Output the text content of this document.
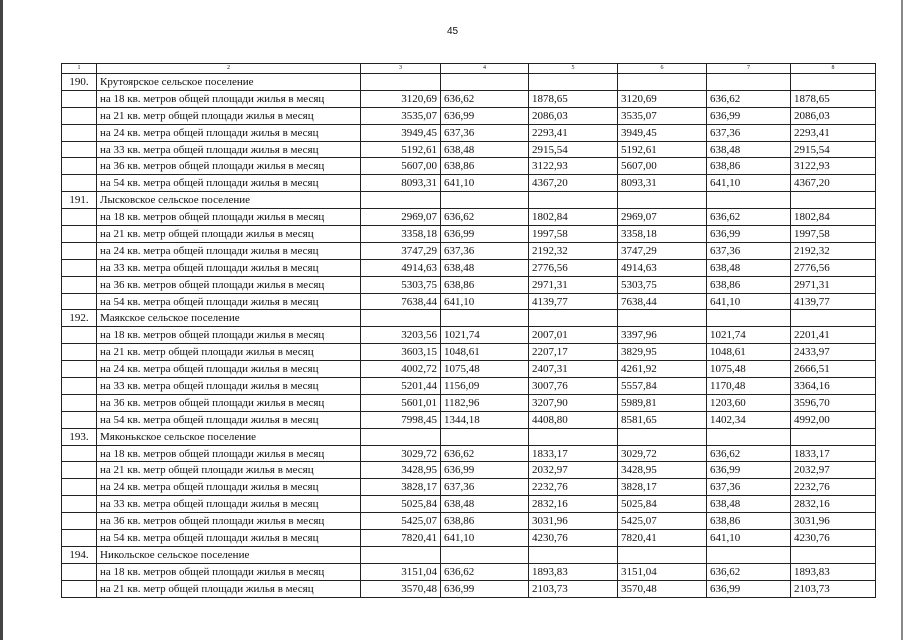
45
1	2	3	4	5	6	7	8
190.	Крутоярское сельское поселение						
	на 18 кв. метров общей площади жилья в месяц	3120,69	636,62	1878,65	3120,69	636,62	1878,65
	на 21 кв. метр общей площади жилья в месяц	3535,07	636,99	2086,03	3535,07	636,99	2086,03
	на 24 кв. метра общей площади жилья в месяц	3949,45	637,36	2293,41	3949,45	637,36	2293,41
	на 33 кв. метра общей площади жилья в месяц	5192,61	638,48	2915,54	5192,61	638,48	2915,54
	на 36 кв. метров общей площади жилья в месяц	5607,00	638,86	3122,93	5607,00	638,86	3122,93
	на 54 кв. метра общей площади жилья в месяц	8093,31	641,10	4367,20	8093,31	641,10	4367,20
191.	Лысковское сельское поселение						
	на 18 кв. метров общей площади жилья в месяц	2969,07	636,62	1802,84	2969,07	636,62	1802,84
	на 21 кв. метр общей площади жилья в месяц	3358,18	636,99	1997,58	3358,18	636,99	1997,58
	на 24 кв. метра общей площади жилья в месяц	3747,29	637,36	2192,32	3747,29	637,36	2192,32
	на 33 кв. метра общей площади жилья в месяц	4914,63	638,48	2776,56	4914,63	638,48	2776,56
	на 36 кв. метров общей площади жилья в месяц	5303,75	638,86	2971,31	5303,75	638,86	2971,31
	на 54 кв. метра общей площади жилья в месяц	7638,44	641,10	4139,77	7638,44	641,10	4139,77
192.	Маякское сельское поселение						
	на 18 кв. метров общей площади жилья в месяц	3203,56	1021,74	2007,01	3397,96	1021,74	2201,41
	на 21 кв. метр общей площади жилья в месяц	3603,15	1048,61	2207,17	3829,95	1048,61	2433,97
	на 24 кв. метра общей площади жилья в месяц	4002,72	1075,48	2407,31	4261,92	1075,48	2666,51
	на 33 кв. метра общей площади жилья в месяц	5201,44	1156,09	3007,76	5557,84	1170,48	3364,16
	на 36 кв. метров общей площади жилья в месяц	5601,01	1182,96	3207,90	5989,81	1203,60	3596,70
	на 54 кв. метра общей площади жилья в месяц	7998,45	1344,18	4408,80	8581,65	1402,34	4992,00
193.	Мяконькское сельское поселение						
	на 18 кв. метров общей площади жилья в месяц	3029,72	636,62	1833,17	3029,72	636,62	1833,17
	на 21 кв. метр общей площади жилья в месяц	3428,95	636,99	2032,97	3428,95	636,99	2032,97
	на 24 кв. метра общей площади жилья в месяц	3828,17	637,36	2232,76	3828,17	637,36	2232,76
	на 33 кв. метра общей площади жилья в месяц	5025,84	638,48	2832,16	5025,84	638,48	2832,16
	на 36 кв. метров общей площади жилья в месяц	5425,07	638,86	3031,96	5425,07	638,86	3031,96
	на 54 кв. метра общей площади жилья в месяц	7820,41	641,10	4230,76	7820,41	641,10	4230,76
194.	Никольское сельское поселение						
	на 18 кв. метров общей площади жилья в месяц	3151,04	636,62	1893,83	3151,04	636,62	1893,83
	на 21 кв. метр общей площади жилья в месяц	3570,48	636,99	2103,73	3570,48	636,99	2103,73
